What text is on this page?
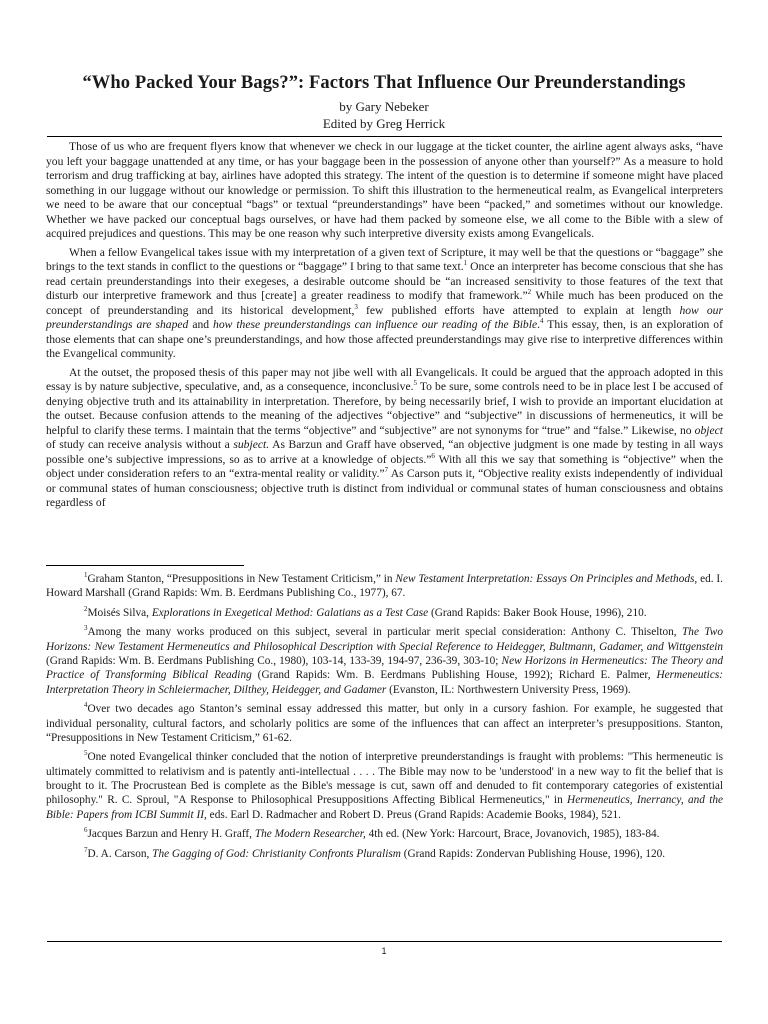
“Who Packed Your Bags?”: Factors That Influence Our Preunderstandings
by Gary Nebeker
Edited by Greg Herrick

Those of us who are frequent flyers know that whenever we check in our luggage at the ticket counter, the airline agent always asks, “have you left your baggage unattended at any time, or has your baggage been in the possession of anyone other than yourself?” As a measure to hold terrorism and drug trafficking at bay, airlines have adopted this strategy. The intent of the question is to determine if someone might have placed something in our luggage without our knowledge or permission. To shift this illustration to the hermeneutical realm, as Evangelical interpreters we need to be aware that our conceptual “bags” or textual “preunderstandings” have been “packed,” and sometimes without our knowledge. Whether we have packed our conceptual bags ourselves, or have had them packed by someone else, we all come to the Bible with a slew of acquired prejudices and questions. This may be one reason why such interpretive diversity exists among Evangelicals.

When a fellow Evangelical takes issue with my interpretation of a given text of Scripture, it may well be that the questions or “baggage” she brings to the text stands in conflict to the questions or “baggage” I bring to that same text.$^1$ Once an interpreter has become conscious that she has read certain preunderstandings into their exegeses, a desirable outcome should be “an increased sensitivity to those features of the text that disturb our interpretive framework and thus [create] a greater readiness to modify that framework.”$^2$ While much has been produced on the concept of preunderstanding and its historical development,$^3$ few published efforts have attempted to explain at length how our preunderstandings are shaped and how these preunderstandings can influence our reading of the Bible.$^4$ This essay, then, is an exploration of those elements that can shape one’s preunderstandings, and how those affected preunderstandings may give rise to interpretive differences within the Evangelical community.

At the outset, the proposed thesis of this paper may not jibe well with all Evangelicals. It could be argued that the approach adopted in this essay is by nature subjective, speculative, and, as a consequence, inconclusive.$^5$ To be sure, some controls need to be in place lest I be accused of denying objective truth and its attainability in interpretation. Therefore, by being necessarily brief, I wish to provide an important elucidation at the outset. Because confusion attends to the meaning of the adjectives “objective” and “subjective” in discussions of hermeneutics, it will be helpful to clarify these terms. I maintain that the terms “objective” and “subjective” are not synonyms for “true” and “false.” Likewise, no object of study can receive analysis without a subject. As Barzun and Graff have observed, “an objective judgment is one made by testing in all ways possible one’s subjective impressions, so as to arrive at a knowledge of objects.”$^6$ With all this we say that something is “objective” when the object under consideration refers to an “extra-mental reality or validity.”$^7$ As Carson puts it, “Objective reality exists independently of individual or communal states of human consciousness; objective truth is distinct from individual or communal states of human consciousness and obtains regardless of

$^1$Graham Stanton, “Presuppositions in New Testament Criticism,” in New Testament Interpretation: Essays On Principles and Methods, ed. I. Howard Marshall (Grand Rapids: Wm. B. Eerdmans Publishing Co., 1977), 67.

$^2$Moisés Silva, Explorations in Exegetical Method: Galatians as a Test Case (Grand Rapids: Baker Book House, 1996), 210.

$^3$Among the many works produced on this subject, several in particular merit special consideration: Anthony C. Thiselton, The Two Horizons: New Testament Hermeneutics and Philosophical Description with Special Reference to Heidegger, Bultmann, Gadamer, and Wittgenstein (Grand Rapids: Wm. B. Eerdmans Publishing Co., 1980), 103-14, 133-39, 194-97, 236-39, 303-10; New Horizons in Hermeneutics: The Theory and Practice of Transforming Biblical Reading (Grand Rapids: Wm. B. Eerdmans Publishing House, 1992); Richard E. Palmer, Hermeneutics: Interpretation Theory in Schleiermacher, Dilthey, Heidegger, and Gadamer (Evanston, IL: Northwestern University Press, 1969).

$^4$Over two decades ago Stanton’s seminal essay addressed this matter, but only in a cursory fashion. For example, he suggested that individual personality, cultural factors, and scholarly politics are some of the influences that can affect an interpreter’s presuppositions. Stanton, “Presuppositions in New Testament Criticism,” 61-62.

$^5$One noted Evangelical thinker concluded that the notion of interpretive preunderstandings is fraught with problems: "This hermeneutic is ultimately committed to relativism and is patently anti-intellectual . . . . The Bible may now to be 'understood' in a new way to fit the belief that is brought to it. The Procrustean Bed is complete as the Bible's message is cut, sawn off and denuded to fit contemporary categories of existential philosophy." R. C. Sproul, "A Response to Philosophical Presuppositions Affecting Biblical Hermeneutics," in Hermeneutics, Inerrancy, and the Bible: Papers from ICBI Summit II, eds. Earl D. Radmacher and Robert D. Preus (Grand Rapids: Academie Books, 1984), 521.

$^6$Jacques Barzun and Henry H. Graff, The Modern Researcher, 4th ed. (New York: Harcourt, Brace, Jovanovich, 1985), 183-84.

$^7$D. A. Carson, The Gagging of God: Christianity Confronts Pluralism (Grand Rapids: Zondervan Publishing House, 1996), 120.

1
